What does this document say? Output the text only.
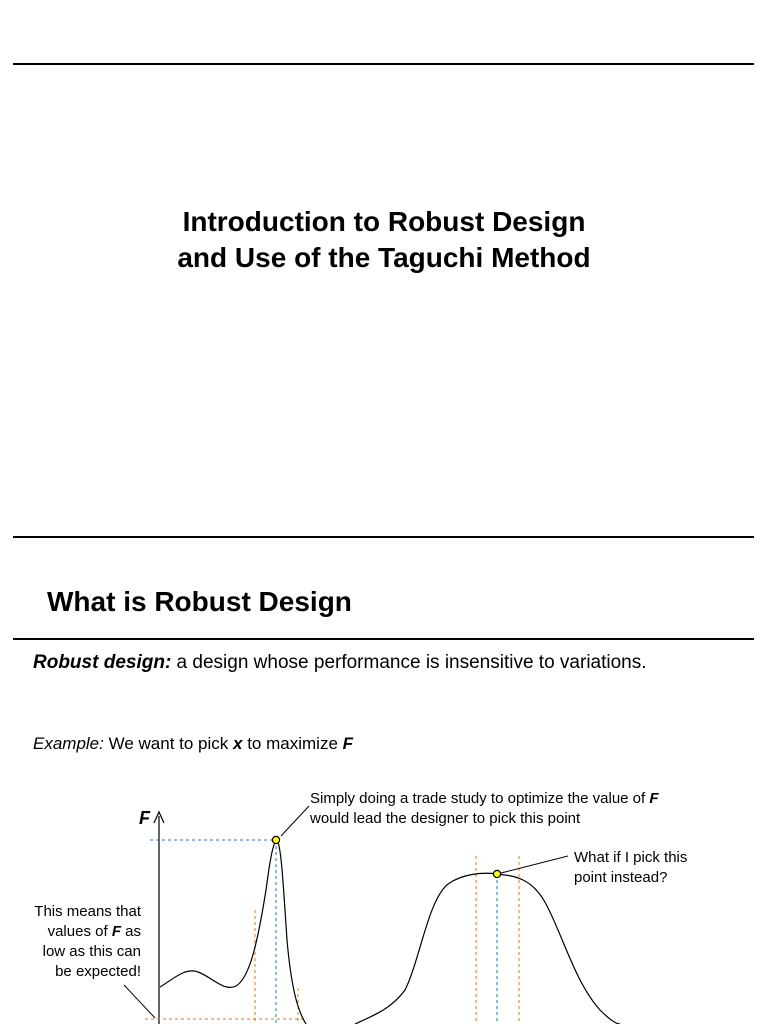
Introduction to Robust Design
and Use of the Taguchi Method
What is Robust Design
Robust design: a design whose performance is insensitive to variations.
Example: We want to pick x to maximize F
F
Simply doing a trade study to optimize the value of F
would lead the designer to pick this point
What if I pick this
point instead?
This means that
values of F as
low as this can
be expected!
